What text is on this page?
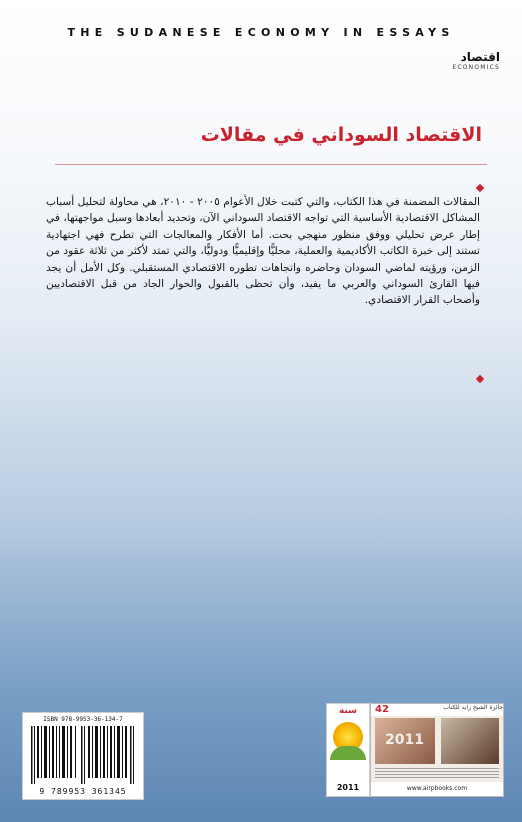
THE SUDANESE ECONOMY IN ESSAYS
اقتصاد
ECONOMICS
الاقتصاد السوداني في مقالات
المقالات المضمنة في هذا الكتاب، والتي كتبت خلال الأعوام ٢٠٠٥ - ٢٠١٠، هي محاولة لتحليل أسباب المشاكل الاقتصادية الأساسية التي تواجه الاقتصاد السوداني الآن، وتحديد أبعادها وسبل مواجهتها، في إطار عرض تحليلي ووفق منظور منهجي بحت. أما الأفكار والمعالجات التي تطرح فهي اجتهادية تستند إلى خبرة الكاتب الأكاديمية والعملية، محليًّا وإقليميًّا ودوليًّا، والتي تمتد لأكثر من ثلاثة عقود من الزمن، ورؤيته لماضي السودان وحاضره واتجاهات تطوره الاقتصادي المستقبلي. وكل الأمل أن يجد فيها القارئ السوداني والعربي ما يفيد، وأن تحظى بالقبول والحوار الجاد من قبل الاقتصاديين وأصحاب القرار الاقتصادي.
ISBN 978-9953-36-134-7
9 789953 361345
سنة
2011
جائزة الشيخ زايد للكتاب
42
2011
www.airpbooks.com
